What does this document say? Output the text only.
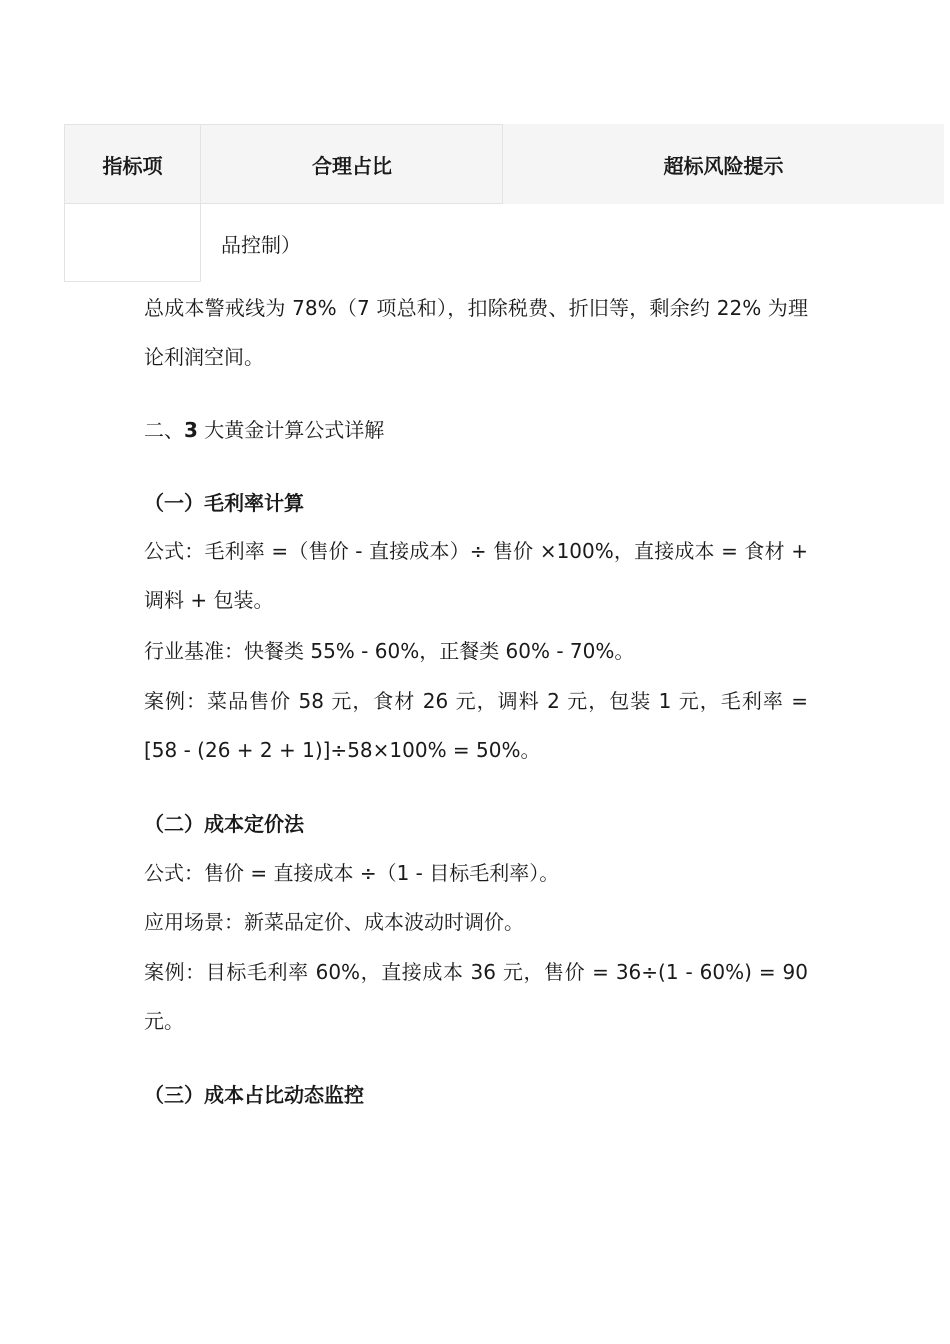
指标项	合理占比	超标风险提示
品控制）

总成本警戒线为 78%（7 项总和），扣除税费、折旧等，剩余约 22% 为理论利润空间。

二、3 大黄金计算公式详解

（一）毛利率计算

公式：毛利率 =（售价 - 直接成本）÷ 售价 ×100%，直接成本 = 食材 + 调料 + 包装。

行业基准：快餐类 55% - 60%，正餐类 60% - 70%。

案例：菜品售价 58 元，食材 26 元，调料 2 元，包装 1 元，毛利率 = [58 - (26 + 2 + 1)]÷58×100% = 50%。

（二）成本定价法

公式：售价 = 直接成本 ÷（1 - 目标毛利率）。

应用场景：新菜品定价、成本波动时调价。

案例：目标毛利率 60%，直接成本 36 元，售价 = 36÷(1 - 60%) = 90 元。

（三）成本占比动态监控
